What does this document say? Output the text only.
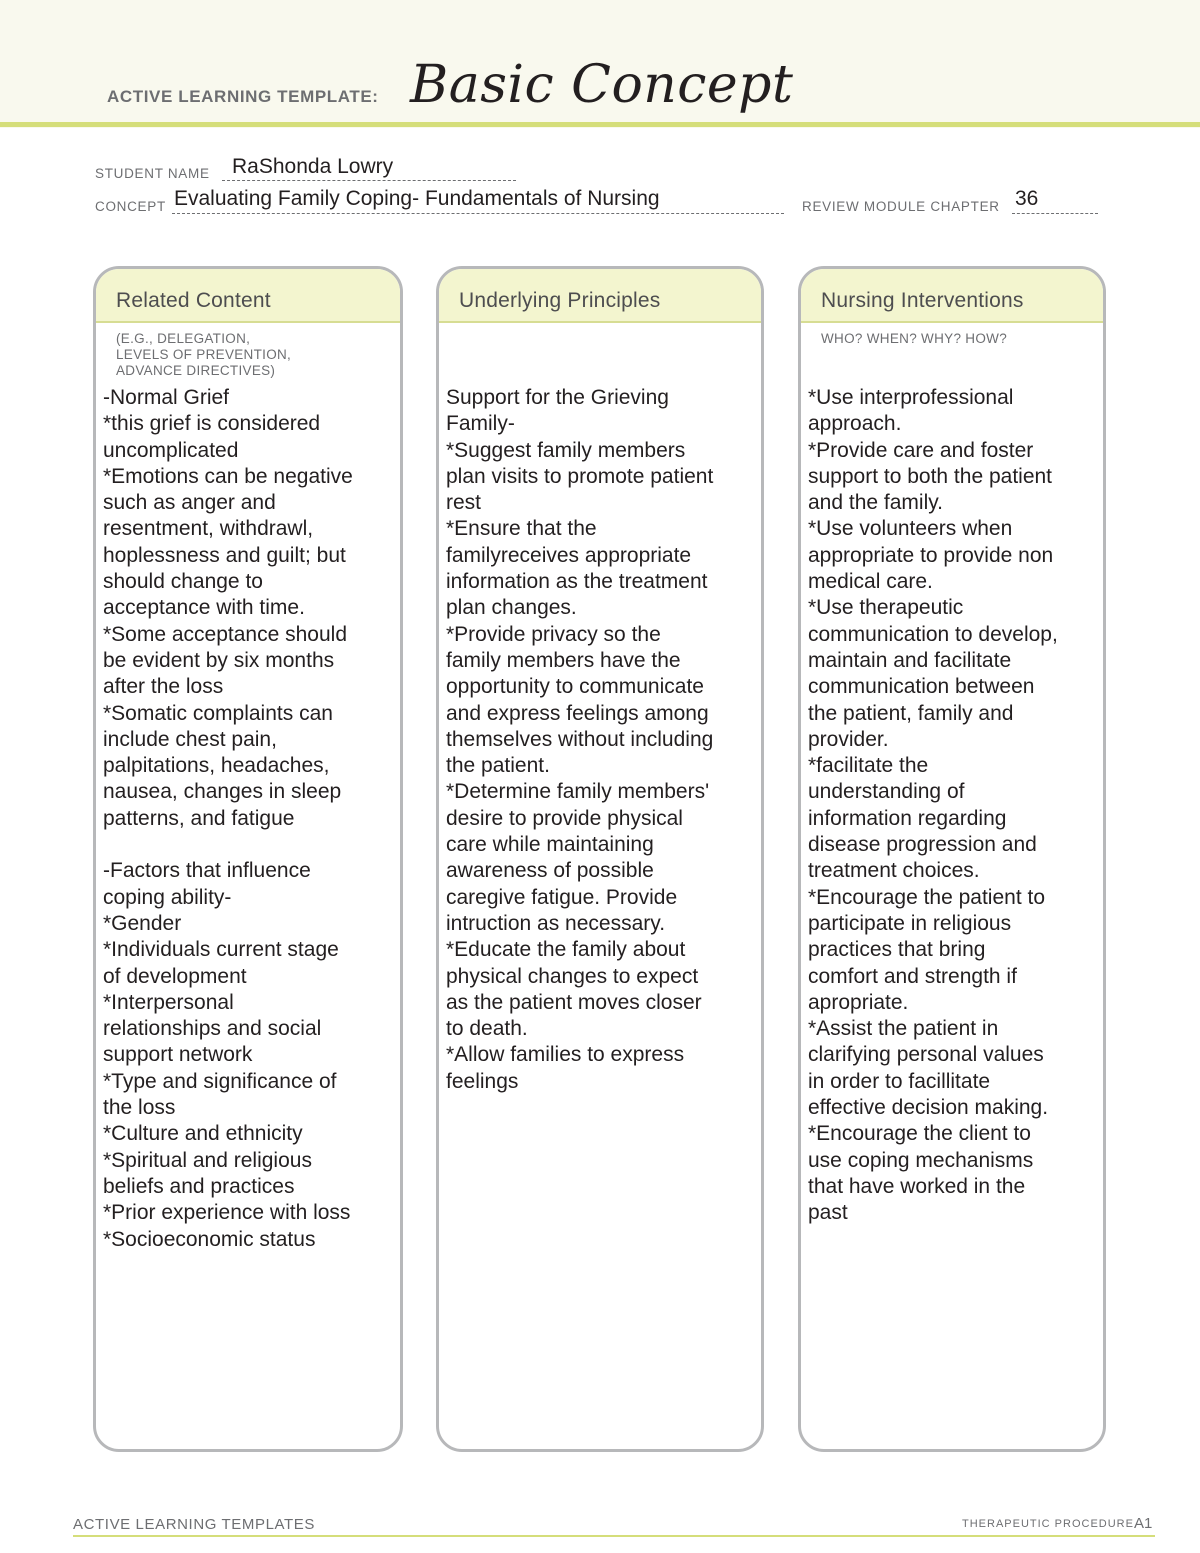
ACTIVE LEARNING TEMPLATE: Basic Concept
STUDENT NAME RaShonda Lowry
CONCEPT Evaluating Family Coping- Fundamentals of Nursing	REVIEW MODULE CHAPTER 36
Related Content
(E.G., DELEGATION,
LEVELS OF PREVENTION,
ADVANCE DIRECTIVES)
-Normal Grief
*this grief is considered
uncomplicated
*Emotions can be negative
such as anger and
resentment, withdrawl,
hoplessness and guilt; but
should change to
acceptance with time.
*Some acceptance should
be evident by six months
after the loss
*Somatic complaints can
include chest pain,
palpitations, headaches,
nausea, changes in sleep
patterns, and fatigue

-Factors that influence
coping ability-
*Gender
*Individuals current stage
of development
*Interpersonal
relationships and social
support network
*Type and significance of
the loss
*Culture and ethnicity
*Spiritual and religious
beliefs and practices
*Prior experience with loss
*Socioeconomic status
Underlying Principles
Support for the Grieving
Family-
*Suggest family members
plan visits to promote patient
rest
*Ensure that the
familyreceives appropriate
information as the treatment
plan changes.
*Provide privacy so the
family members have the
opportunity to communicate
and express feelings among
themselves without including
the patient.
*Determine family members'
desire to provide physical
care while maintaining
awareness of possible
caregive fatigue. Provide
intruction as necessary.
*Educate the family about
physical changes to expect
as the patient moves closer
to death.
*Allow families to express
feelings
Nursing Interventions
WHO? WHEN? WHY? HOW?
*Use interprofessional
approach.
*Provide care and foster
support to both the patient
and the family.
*Use volunteers when
appropriate to provide non
medical care.
*Use therapeutic
communication to develop,
maintain and facilitate
communication between
the patient, family and
provider.
*facilitate the
understanding of
information regarding
disease progression and
treatment choices.
*Encourage the patient to
participate in religious
practices that bring
comfort and strength if
apropriate.
*Assist the patient in
clarifying personal values
in order to facillitate
effective decision making.
*Encourage the client to
use coping mechanisms
that have worked in the
past
ACTIVE LEARNING TEMPLATES	THERAPEUTIC PROCEDURE A1
